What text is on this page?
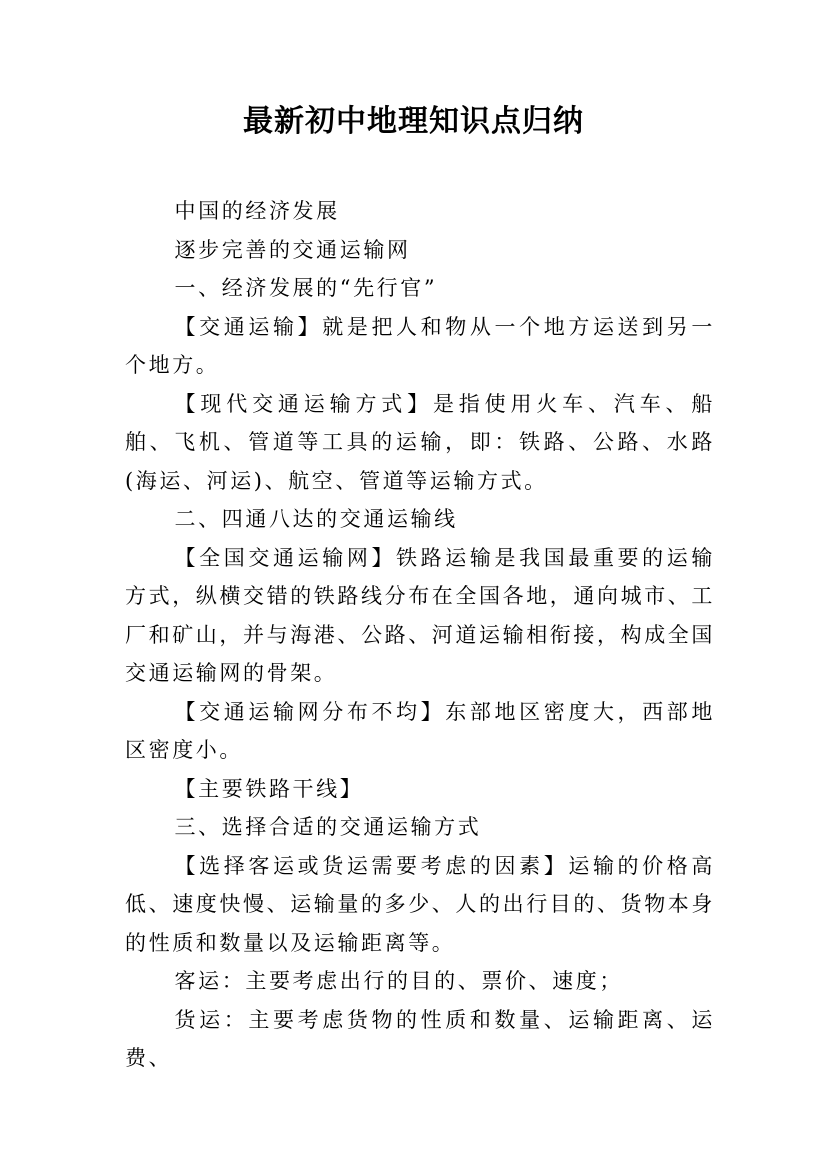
最新初中地理知识点归纳

中国的经济发展

逐步完善的交通运输网

一、经济发展的“先行官”

【交通运输】就是把人和物从一个地方运送到另一个地方。

【现代交通运输方式】是指使用火车、汽车、船舶、飞机、管道等工具的运输，即：铁路、公路、水路(海运、河运)、航空、管道等运输方式。

二、四通八达的交通运输线

【全国交通运输网】铁路运输是我国最重要的运输方式，纵横交错的铁路线分布在全国各地，通向城市、工厂和矿山，并与海港、公路、河道运输相衔接，构成全国交通运输网的骨架。

【交通运输网分布不均】东部地区密度大，西部地区密度小。

【主要铁路干线】

三、选择合适的交通运输方式

【选择客运或货运需要考虑的因素】运输的价格高低、速度快慢、运输量的多少、人的出行目的、货物本身的性质和数量以及运输距离等。

客运：主要考虑出行的目的、票价、速度；

货运：主要考虑货物的性质和数量、运输距离、运费、
